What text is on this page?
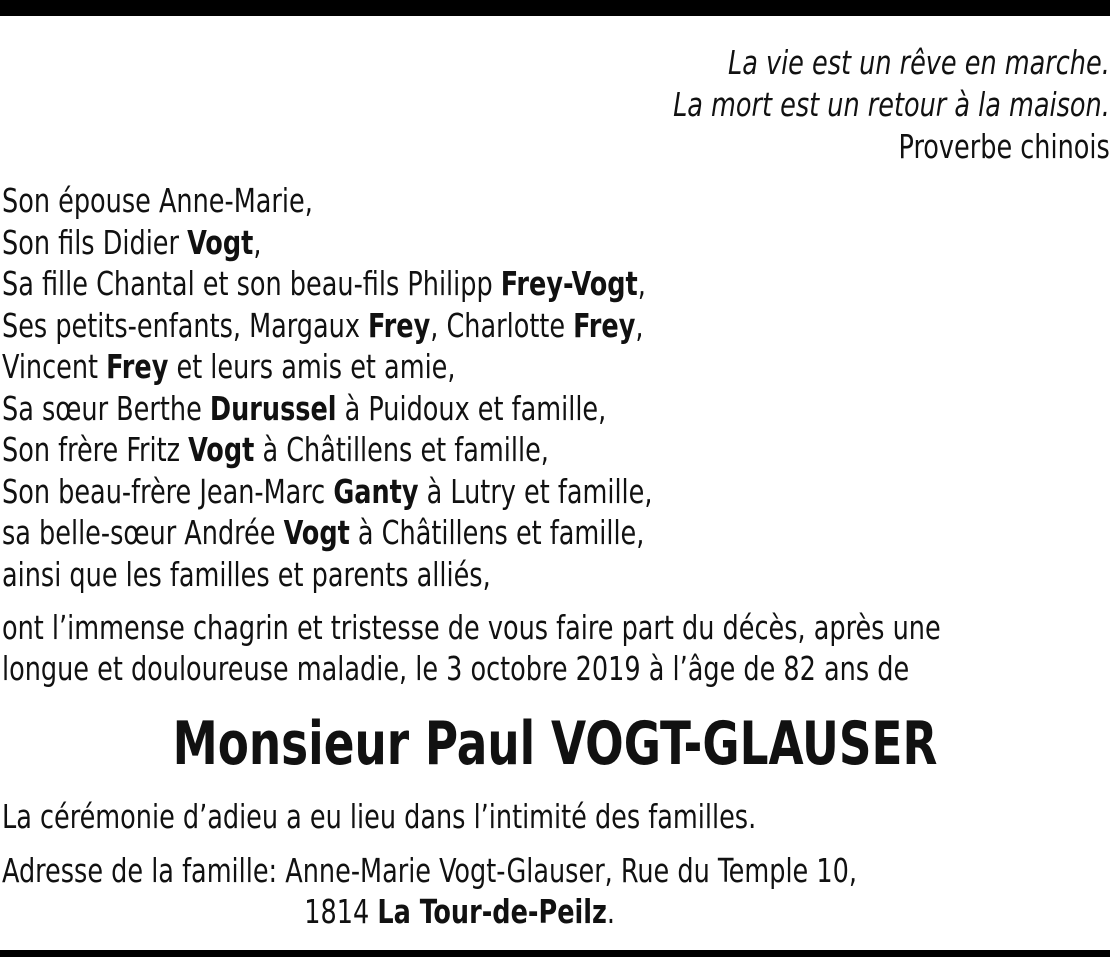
La vie est un rêve en marche.
La mort est un retour à la maison.
Proverbe chinois
Son épouse Anne-Marie,
Son fils Didier Vogt,
Sa fille Chantal et son beau-fils Philipp Frey-Vogt,
Ses petits-enfants, Margaux Frey, Charlotte Frey,
Vincent Frey et leurs amis et amie,
Sa sœur Berthe Durussel à Puidoux et famille,
Son frère Fritz Vogt à Châtillens et famille,
Son beau-frère Jean-Marc Ganty à Lutry et famille,
sa belle-sœur Andrée Vogt à Châtillens et famille,
ainsi que les familles et parents alliés,
ont l’immense chagrin et tristesse de vous faire part du décès, après une
longue et douloureuse maladie, le 3 octobre 2019 à l’âge de 82 ans de
Monsieur Paul VOGT-GLAUSER
La cérémonie d’adieu a eu lieu dans l’intimité des familles.
Adresse de la famille: Anne-Marie Vogt-Glauser, Rue du Temple 10,
1814 La Tour-de-Peilz.
